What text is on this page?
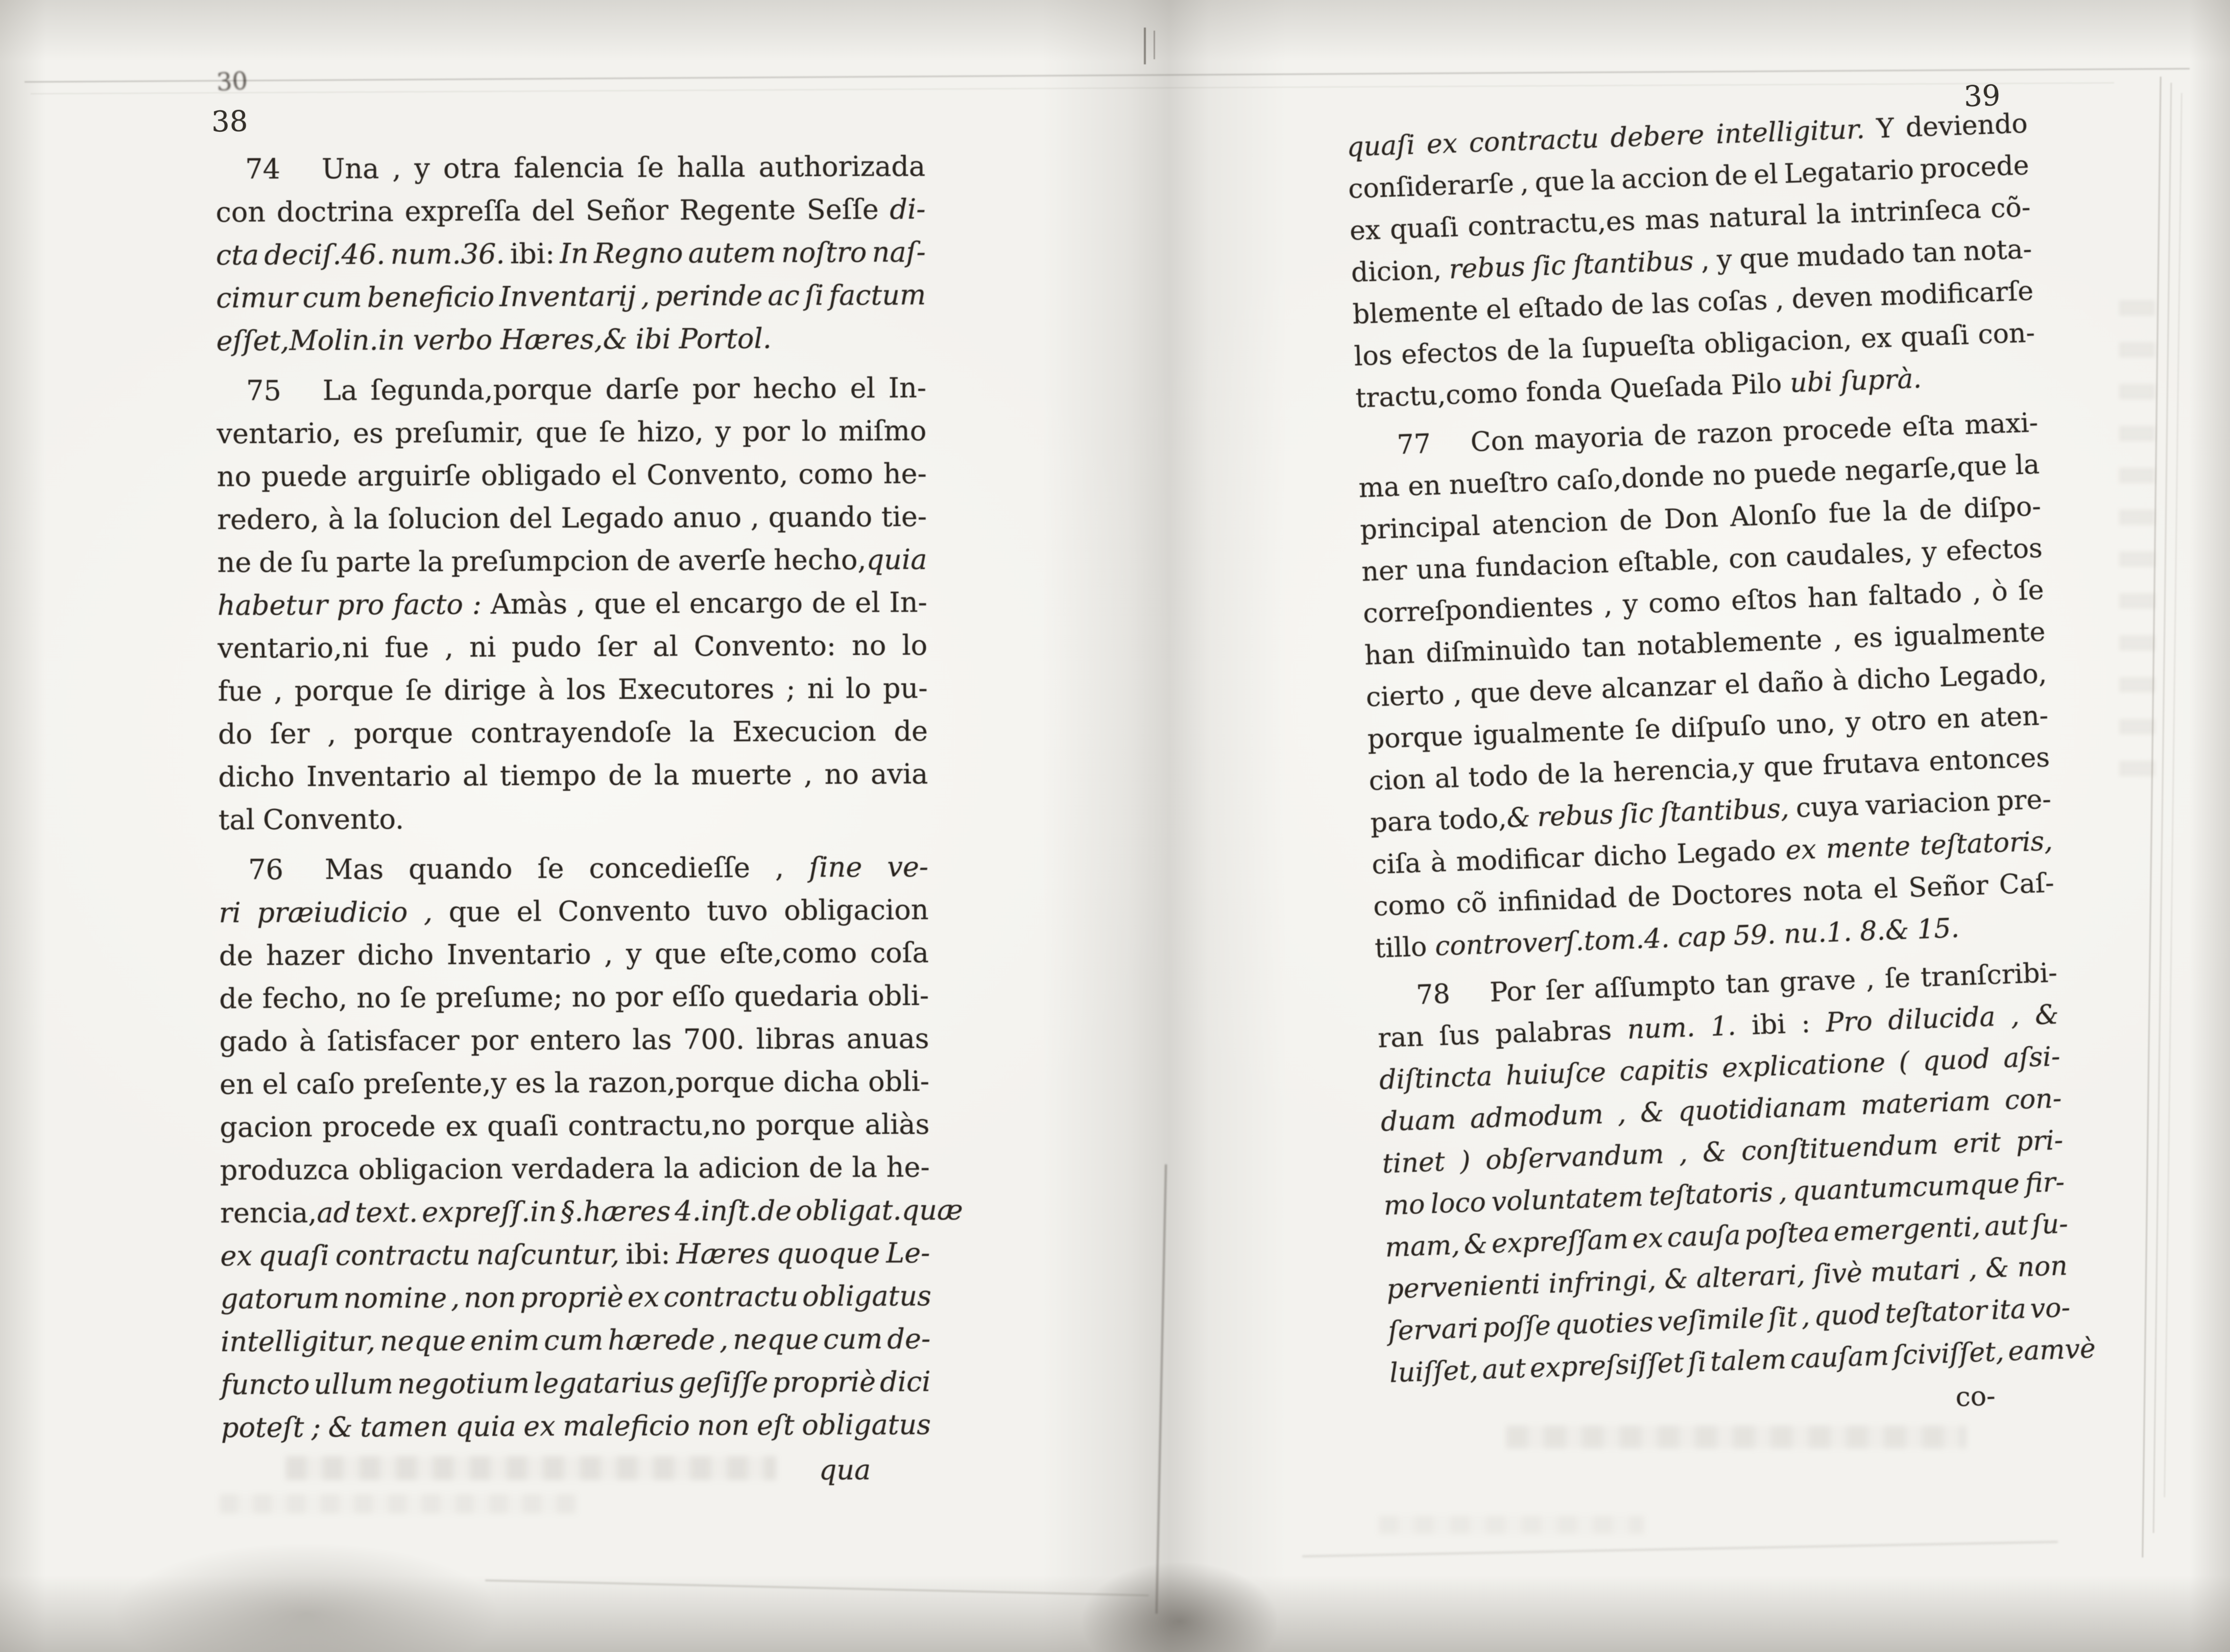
30
38
39
74  Una , y otra falencia ſe halla authorizada
con doctrina expreſſa del Señor Regente Seſſe di-
cta deciſ.46. num.36. ibi: In Regno autem noſtro naſ-
cimur cum beneficio Inventarij , perinde ac ſi factum
eſſet,Molin.in verbo Hæres,& ibi Portol.
75  La ſegunda,porque darſe por hecho el In-
ventario, es preſumir, que ſe hizo, y por lo miſmo
no puede arguirſe obligado el Convento, como he-
redero, à la ſolucion del Legado anuo , quando tie-
ne de ſu parte la preſumpcion de averſe hecho,quia
habetur pro facto : Amàs , que el encargo de el In-
ventario,ni fue , ni pudo ſer al Convento: no lo
fue , porque ſe dirige à los Executores ; ni lo pu-
do ſer , porque contrayendoſe la Execucion de
dicho Inventario al tiempo de la muerte , no avia
tal Convento.
76  Mas quando ſe concedieſſe , ſine ve-
ri præiudicio , que el Convento tuvo obligacion
de hazer dicho Inventario , y que eſte,como coſa
de fecho, no ſe preſume; no por eſſo quedaria obli-
gado à ſatisfacer por entero las 700. libras anuas
en el caſo preſente,y es la razon,porque dicha obli-
gacion procede ex quaſi contractu,no porque aliàs
produzca obligacion verdadera la adicion de la he-
rencia,ad text. expreſſ.in §.hæres 4.inſt.de obligat.quæ
ex quaſi contractu naſcuntur, ibi: Hæres quoque Le-
gatorum nomine , non propriè ex contractu obligatus
intelligitur, neque enim cum hærede , neque cum de-
functo ullum negotium legatarius geſiſſe propriè dici
poteſt ; & tamen quia ex maleficio non eſt obligatus
qua
quaſi ex contractu debere intelligitur. Y deviendo
conſiderarſe , que la accion de el Legatario procede
ex quaſi contractu,es mas natural la intrinſeca cõ-
dicion, rebus ſic ſtantibus , y que mudado tan nota-
blemente el eſtado de las coſas , deven modificarſe
los efectos de la ſupueſta obligacion, ex quaſi con-
tractu,como fonda Queſada Pilo ubi ſuprà.
77  Con mayoria de razon procede eſta maxi-
ma en nueſtro caſo,donde no puede negarſe,que la
principal atencion de Don Alonſo fue la de diſpo-
ner una fundacion eſtable, con caudales, y efectos
correſpondientes , y como eſtos han faltado , ò ſe
han diſminuìdo tan notablemente , es igualmente
cierto , que deve alcanzar el daño à dicho Legado,
porque igualmente ſe diſpuſo uno, y otro en aten-
cion al todo de la herencia,y que frutava entonces
para todo,& rebus ſic ſtantibus, cuya variacion pre-
ciſa à modificar dicho Legado ex mente teſtatoris,
como cõ infinidad de Doctores nota el Señor Caſ-
tillo controverſ.tom.4. cap 59. nu.1. 8.& 15.
78  Por ſer aſſumpto tan grave , ſe tranſcribi-
ran ſus palabras num. 1. ibi : Pro dilucida , &
diſtincta huiuſce capitis explicatione ( quod aſsi-
duam admodum , & quotidianam materiam con-
tinet ) obſervandum , & conſtituendum erit pri-
mo loco voluntatem teſtatoris , quantumcumque fir-
mam, & expreſſam ex cauſa poſtea emergenti, aut ſu-
pervenienti infringi, & alterari, ſivè mutari , & non
ſervari poſſe quoties veſimile ſit , quod teſtator ita vo-
luiſſet, aut expreſsiſſet ſi talem cauſam ſciviſſet, eamvè
co-
